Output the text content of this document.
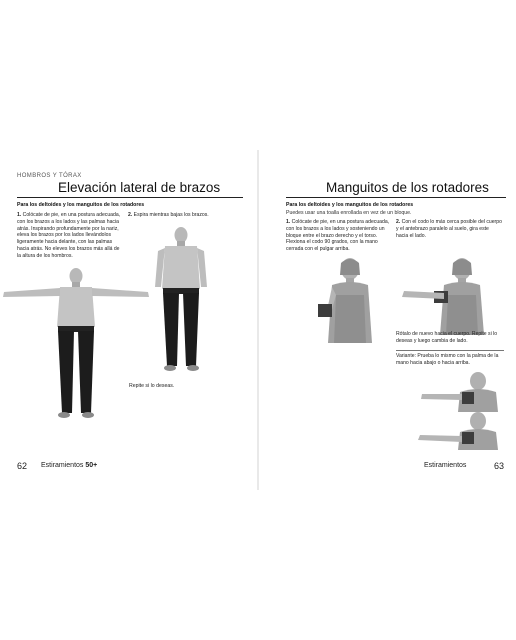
HOMBROS Y TÓRAX
Elevación lateral de brazos
Para los deltoides y los manguitos de los rotadores
1. Colócate de pie, en una postura adecuada, con los brazos a los lados y las palmas hacia atrás. Inspirando profundamente por la nariz, eleva los brazos por los lados llevándolos ligeramente hacia delante, con las palmas hacia atrás. No eleves los brazos más allá de la altura de los hombros.
2. Espira mientras bajas los brazos.
Repite si lo deseas.
62 Estiramientos 50+
Manguitos de los rotadores
Para los deltoides y los manguitos de los rotadores
Puedes usar una toalla enrollada en vez de un bloque.
1. Colócate de pie, en una postura adecuada, con los brazos a los lados y sosteniendo un bloque entre el brazo derecho y el torso. Flexiona el codo 90 grados, con la mano cerrada con el pulgar arriba.
2. Con el codo lo más cerca posible del cuerpo y el antebrazo paralelo al suelo, gira este hacia el lado.
Rótalo de nuevo hacia el cuerpo. Repite si lo deseas y luego cambia de lado.
Variante: Prueba lo mismo con la palma de la mano hacia abajo o hacia arriba.
Estiramientos	63
